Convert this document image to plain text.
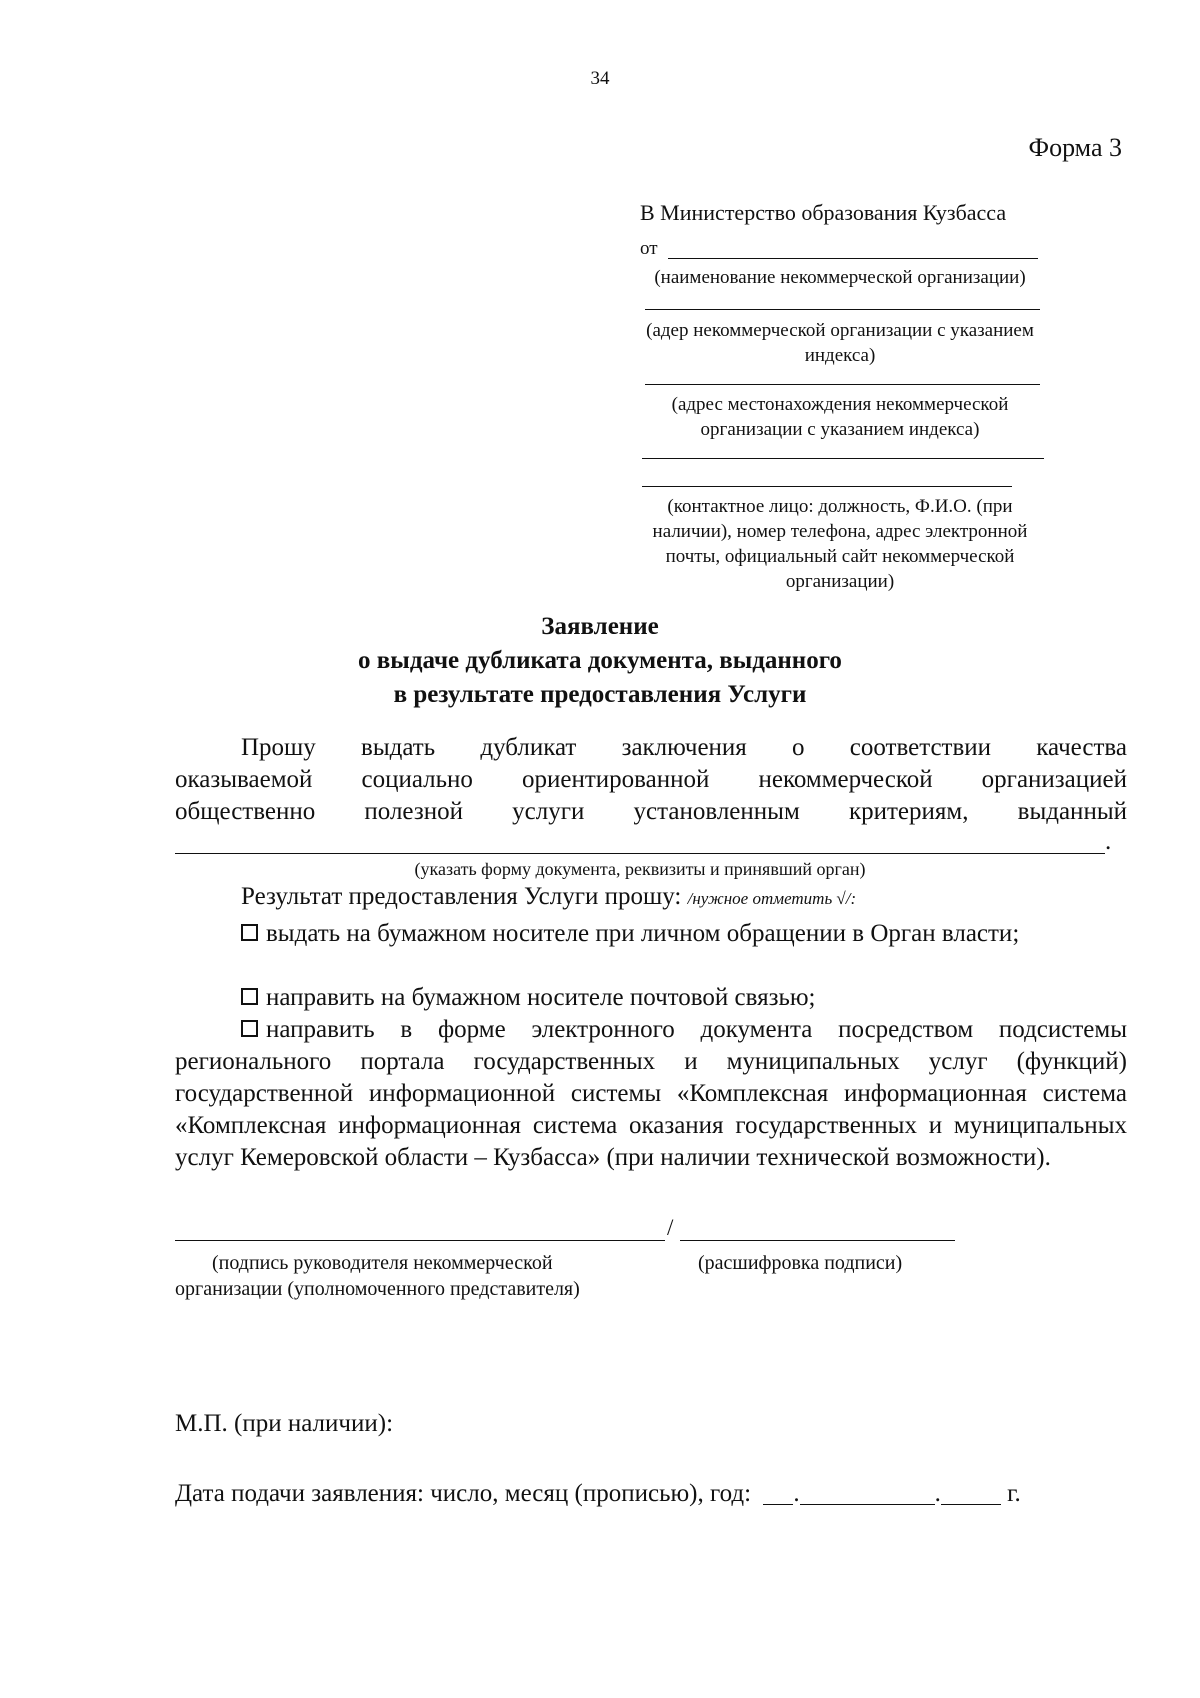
34
Форма 3
В Министерство образования Кузбасса
от
(наименование некоммерческой организации)
(адер некоммерческой организации с указанием
индекса)
(адрес местонахождения некоммерческой
организации с указанием индекса)
(контактное лицо: должность, Ф.И.О. (при
наличии), номер телефона, адрес электронной
почты, официальный сайт некоммерческой
организации)
Заявление
о выдаче дубликата документа, выданного
в результате предоставления Услуги
Прошу выдать дубликат заключения о соответствии качества
оказываемой социально ориентированной некоммерческой организацией
общественно полезной услуги установленным критериям, выданный
.
(указать форму документа, реквизиты и принявший орган)
Результат предоставления Услуги прошу: /нужное отметить √/:
выдать на бумажном носителе при личном обращении в Орган власти;
направить на бумажном носителе почтовой связью;
направить в форме электронного документа посредством подсистемы регионального портала государственных и муниципальных услуг (функций) государственной информационной системы «Комплексная информационная система «Комплексная информационная система оказания государственных и муниципальных услуг Кемеровской области – Кузбасса» (при наличии технической возможности).
/
(подпись руководителя некоммерческой
организации (уполномоченного представителя)
(расшифровка подписи)
М.П. (при наличии):
Дата подачи заявления: число, месяц (прописью), год: .	.	г.
